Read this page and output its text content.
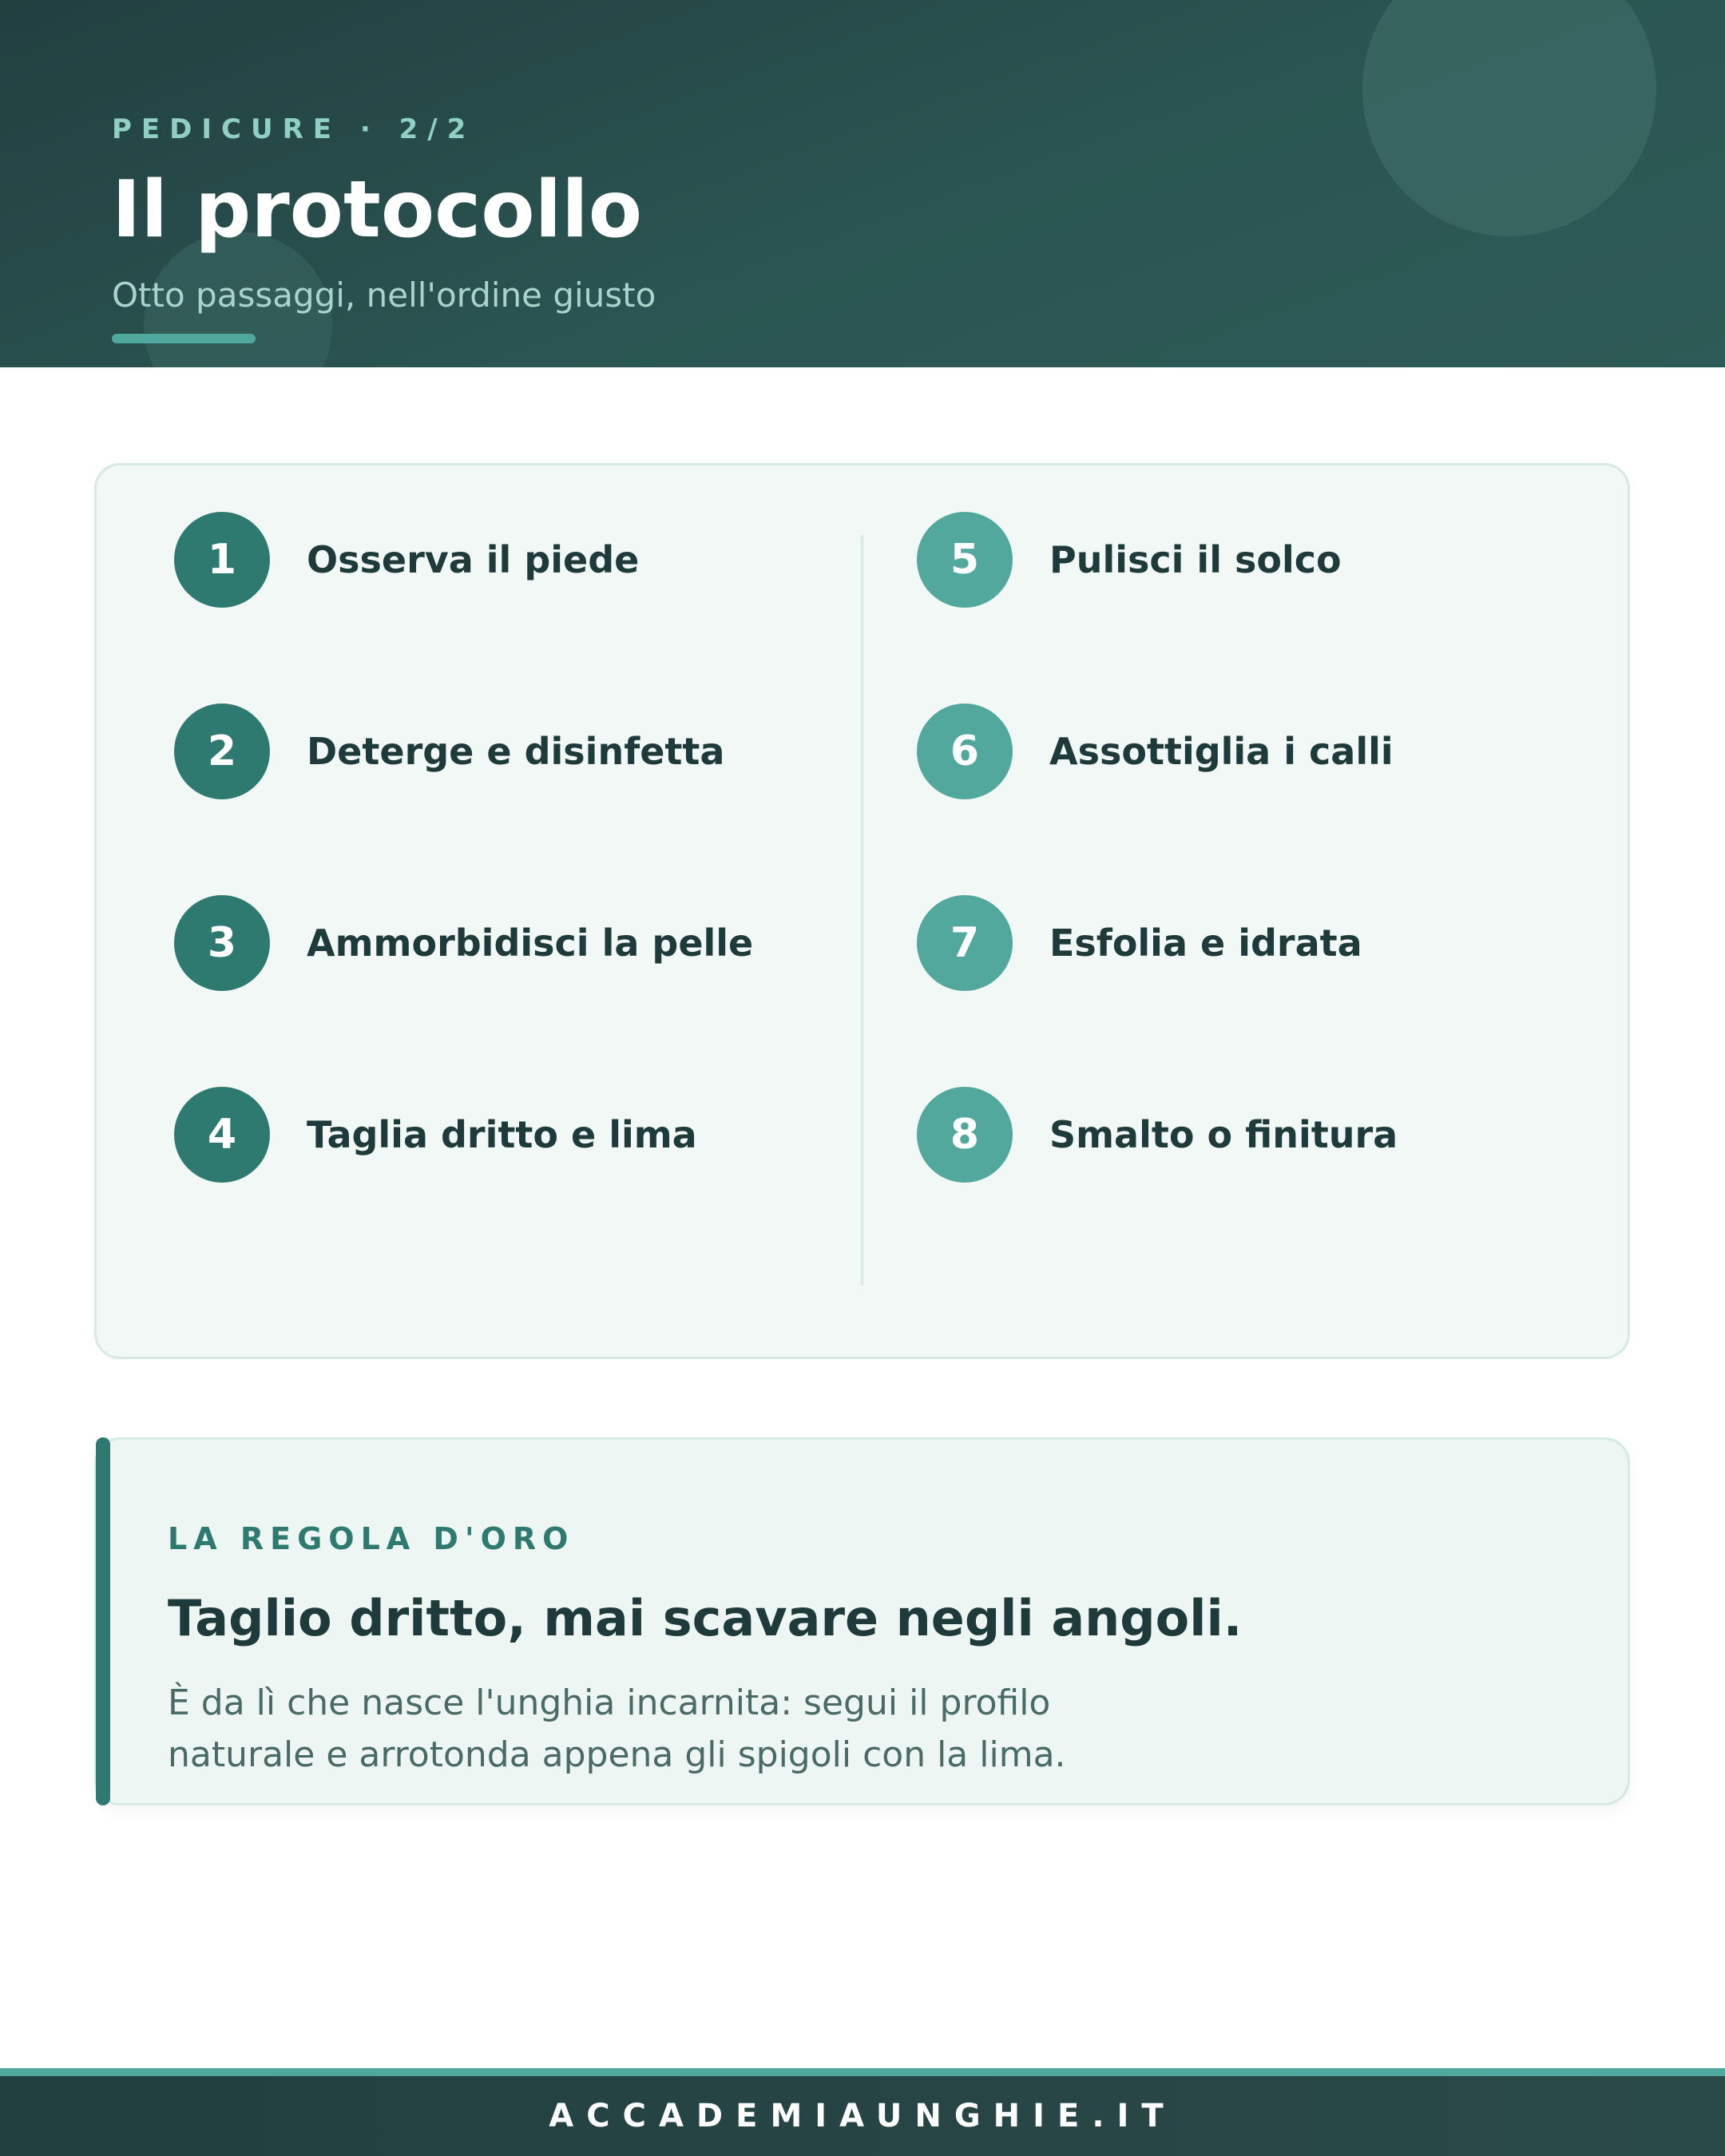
PEDICURE · 2/2
Il protocollo
Otto passaggi, nell'ordine giusto
1	Osserva il piede
2	Deterge e disinfetta
3	Ammorbidisci la pelle
4	Taglia dritto e lima
5	Pulisci il solco
6	Assottiglia i calli
7	Esfolia e idrata
8	Smalto o finitura
LA REGOLA D'ORO
Taglio dritto, mai scavare negli angoli.
È da lì che nasce l'unghia incarnita: segui il profilo
naturale e arrotonda appena gli spigoli con la lima.
ACCADEMIAUNGHIE.IT
